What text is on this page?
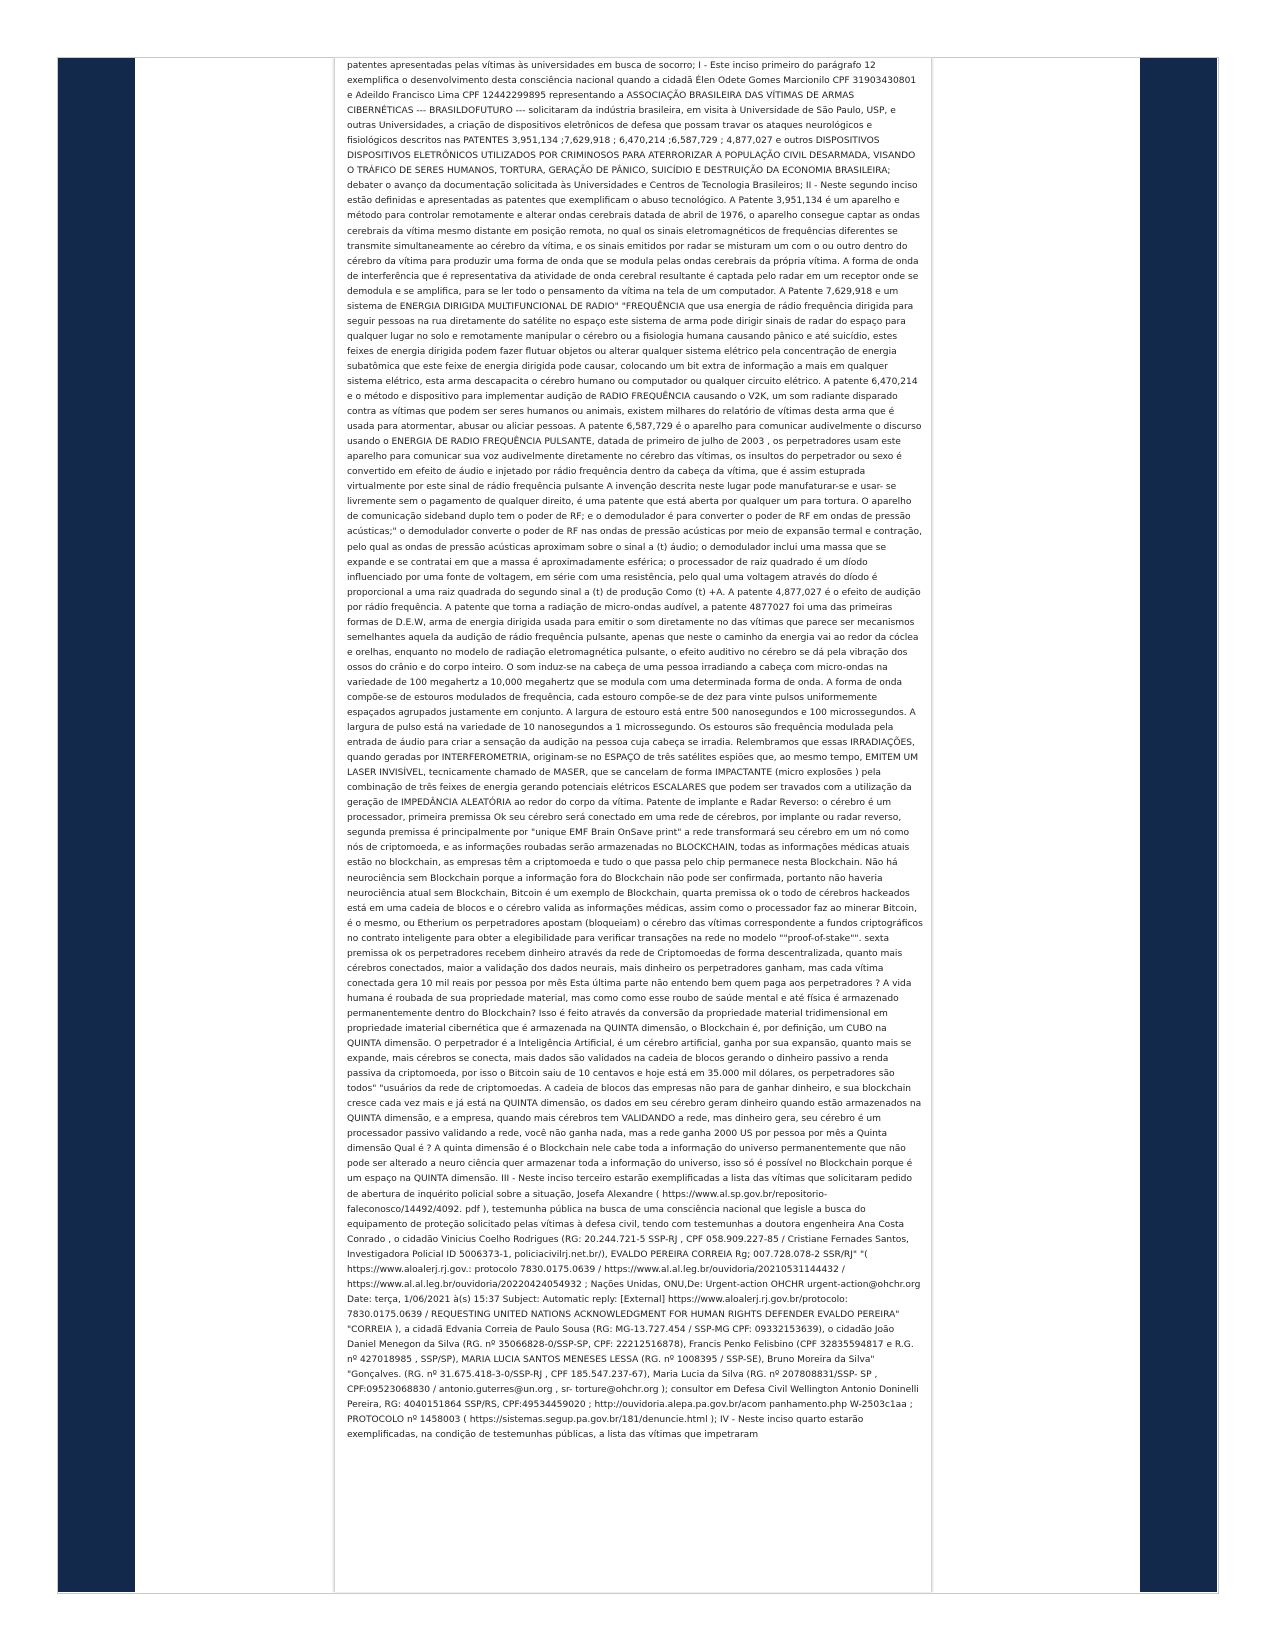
patentes apresentadas pelas vítimas às universidades em busca de socorro; I - Este inciso primeiro do parágrafo 12 exemplifica o desenvolvimento desta consciência nacional quando a cidadã Élen Odete Gomes Marcionilo CPF 31903430801 e Adeildo Francisco Lima CPF 12442299895 representando a ASSOCIAÇÃO BRASILEIRA DAS VÍTIMAS DE ARMAS CIBERNÉTICAS --- BRASILDOFUTURO --- solicitaram da indústria brasileira, em visita à Universidade de São Paulo, USP, e outras Universidades, a criação de dispositivos eletrônicos de defesa que possam travar os ataques neurológicos e fisiológicos descritos nas PATENTES 3,951,134 ;7,629,918 ; 6,470,214 ;6,587,729 ; 4,877,027 e outros DISPOSITIVOS DISPOSITIVOS ELETRÔNICOS UTILIZADOS POR CRIMINOSOS PARA ATERRORIZAR A POPULAÇÃO CIVIL DESARMADA, VISANDO O TRÁFICO DE SERES HUMANOS, TORTURA, GERAÇÃO DE PÂNICO, SUICÍDIO E DESTRUIÇÃO DA ECONOMIA BRASILEIRA; debater o avanço da documentação solicitada às Universidades e Centros de Tecnologia Brasileiros; II - Neste segundo inciso estão definidas e apresentadas as patentes que exemplificam o abuso tecnológico. A Patente 3,951,134 é um aparelho e método para controlar remotamente e alterar ondas cerebrais datada de abril de 1976, o aparelho consegue captar as ondas cerebrais da vítima mesmo distante em posição remota, no qual os sinais eletromagnéticos de frequências diferentes se transmite simultaneamente ao cérebro da vítima, e os sinais emitidos por radar se misturam um com o ou outro dentro do cérebro da vítima para produzir uma forma de onda que se modula pelas ondas cerebrais da própria vítima. A forma de onda de interferência que é representativa da atividade de onda cerebral resultante é captada pelo radar em um receptor onde se demodula e se amplifica, para se ler todo o pensamento da vítima na tela de um computador. A Patente 7,629,918 e um sistema de ENERGIA DIRIGIDA MULTIFUNCIONAL DE RADIO" "FREQUÊNCIA que usa energia de rádio frequência dirigida para seguir pessoas na rua diretamente do satélite no espaço este sistema de arma pode dirigir sinais de radar do espaço para qualquer lugar no solo e remotamente manipular o cérebro ou a fisiologia humana causando pânico e até suicídio, estes feixes de energia dirigida podem fazer flutuar objetos ou alterar qualquer sistema elétrico pela concentração de energia subatômica que este feixe de energia dirigida pode causar, colocando um bit extra de informação a mais em qualquer sistema elétrico, esta arma descapacita o cérebro humano ou computador ou qualquer circuito elétrico. A patente 6,470,214 e o método e dispositivo para implementar audição de RADIO FREQUÊNCIA causando o V2K, um som radiante disparado contra as vítimas que podem ser seres humanos ou animais, existem milhares do relatório de vítimas desta arma que é usada para atormentar, abusar ou aliciar pessoas. A patente 6,587,729 é o aparelho para comunicar audivelmente o discurso usando o ENERGIA DE RADIO FREQUÊNCIA PULSANTE, datada de primeiro de julho de 2003 , os perpetradores usam este aparelho para comunicar sua voz audivelmente diretamente no cérebro das vítimas, os insultos do perpetrador ou sexo é convertido em efeito de áudio e injetado por rádio frequência dentro da cabeça da vítima, que é assim estuprada virtualmente por este sinal de rádio frequência pulsante A invenção descrita neste lugar pode manufaturar-se e usar- se livremente sem o pagamento de qualquer direito, é uma patente que está aberta por qualquer um para tortura. O aparelho de comunicação sideband duplo tem o poder de RF; e o demodulador é para converter o poder de RF em ondas de pressão acústicas;" o demodulador converte o poder de RF nas ondas de pressão acústicas por meio de expansão termal e contração, pelo qual as ondas de pressão acústicas aproximam sobre o sinal a (t) áudio; o demodulador inclui uma massa que se expande e se contratai em que a massa é aproximadamente esférica; o processador de raiz quadrado é um díodo influenciado por uma fonte de voltagem, em série com uma resistência, pelo qual uma voltagem através do díodo é proporcional a uma raiz quadrada do segundo sinal a (t) de produção Como (t) +A. A patente 4,877,027 é o efeito de audição por rádio frequência. A patente que torna a radiação de micro-ondas audível, a patente 4877027 foi uma das primeiras formas de D.E.W, arma de energia dirigida usada para emitir o som diretamente no das vítimas que parece ser mecanismos semelhantes aquela da audição de rádio frequência pulsante, apenas que neste o caminho da energia vai ao redor da cóclea e orelhas, enquanto no modelo de radiação eletromagnética pulsante, o efeito auditivo no cérebro se dá pela vibração dos ossos do crânio e do corpo inteiro. O som induz-se na cabeça de uma pessoa irradiando a cabeça com micro-ondas na variedade de 100 megahertz a 10,000 megahertz que se modula com uma determinada forma de onda. A forma de onda compõe-se de estouros modulados de frequência, cada estouro compõe-se de dez para vinte pulsos uniformemente espaçados agrupados justamente em conjunto. A largura de estouro está entre 500 nanosegundos e 100 microssegundos. A largura de pulso está na variedade de 10 nanosegundos a 1 microssegundo. Os estouros são frequência modulada pela entrada de áudio para criar a sensação da audição na pessoa cuja cabeça se irradia. Relembramos que essas IRRADIAÇÕES, quando geradas por INTERFEROMETRIA, originam-se no ESPAÇO de três satélites espiões que, ao mesmo tempo, EMITEM UM LASER INVISÍVEL, tecnicamente chamado de MASER, que se cancelam de forma IMPACTANTE (micro explosões ) pela combinação de três feixes de energia gerando potenciais elétricos ESCALARES que podem ser travados com a utilização da geração de IMPEDÂNCIA ALEATÓRIA ao redor do corpo da vítima. Patente de implante e Radar Reverso: o cérebro é um processador, primeira premissa Ok seu cérebro será conectado em uma rede de cérebros, por implante ou radar reverso, segunda premissa é principalmente por "unique EMF Brain OnSave print" a rede transformará seu cérebro em um nó como nós de criptomoeda, e as informações roubadas serão armazenadas no BLOCKCHAIN, todas as informações médicas atuais estão no blockchain, as empresas têm a criptomoeda e tudo o que passa pelo chip permanece nesta Blockchain. Não há neurociência sem Blockchain porque a informação fora do Blockchain não pode ser confirmada, portanto não haveria neurociência atual sem Blockchain, Bitcoin é um exemplo de Blockchain, quarta premissa ok o todo de cérebros hackeados está em uma cadeia de blocos e o cérebro valida as informações médicas, assim como o processador faz ao minerar Bitcoin, é o mesmo, ou Etherium os perpetradores apostam (bloqueiam) o cérebro das vítimas correspondente a fundos criptográficos no contrato inteligente para obter a elegibilidade para verificar transações na rede no modelo ""proof-of-stake"". sexta premissa ok os perpetradores recebem dinheiro através da rede de Criptomoedas de forma descentralizada, quanto mais cérebros conectados, maior a validação dos dados neurais, mais dinheiro os perpetradores ganham, mas cada vítima conectada gera 10 mil reais por pessoa por mês Esta última parte não entendo bem quem paga aos perpetradores ? A vida humana é roubada de sua propriedade material, mas como como esse roubo de saúde mental e até física é armazenado permanentemente dentro do Blockchain? Isso é feito através da conversão da propriedade material tridimensional em propriedade imaterial cibernética que é armazenada na QUINTA dimensão, o Blockchain é, por definição, um CUBO na QUINTA dimensão. O perpetrador é a Inteligência Artificial, é um cérebro artificial, ganha por sua expansão, quanto mais se expande, mais cérebros se conecta, mais dados são validados na cadeia de blocos gerando o dinheiro passivo a renda passiva da criptomoeda, por isso o Bitcoin saiu de 10 centavos e hoje está em 35.000 mil dólares, os perpetradores são todos" "usuários da rede de criptomoedas. A cadeia de blocos das empresas não para de ganhar dinheiro, e sua blockchain cresce cada vez mais e já está na QUINTA dimensão, os dados em seu cérebro geram dinheiro quando estão armazenados na QUINTA dimensão, e a empresa, quando mais cérebros tem VALIDANDO a rede, mas dinheiro gera, seu cérebro é um processador passivo validando a rede, você não ganha nada, mas a rede ganha 2000 US por pessoa por mês a Quinta dimensão Qual é ? A quinta dimensão é o Blockchain nele cabe toda a informação do universo permanentemente que não pode ser alterado a neuro ciência quer armazenar toda a informação do universo, isso só é possível no Blockchain porque é um espaço na QUINTA dimensão. III - Neste inciso terceiro estarão exemplificadas a lista das vítimas que solicitaram pedido de abertura de inquérito policial sobre a situação, Josefa Alexandre ( https://www.al.sp.gov.br/repositorio- faleconosco/14492/4092. pdf ), testemunha pública na busca de uma consciência nacional que legisle a busca do equipamento de proteção solicitado pelas vítimas à defesa civil, tendo com testemunhas a doutora engenheira Ana Costa Conrado , o cidadão Vinicius Coelho Rodrigues (RG: 20.244.721-5 SSP-RJ , CPF 058.909.227-85 / Cristiane Fernades Santos, Investigadora Policial ID 5006373-1, policiacivilrj.net.br/), EVALDO PEREIRA CORREIA Rg; 007.728.078-2 SSR/RJ" "( https://www.aloalerj.rj.gov.: protocolo 7830.0175.0639 / https://www.al.al.leg.br/ouvidoria/20210531144432 / https://www.al.al.leg.br/ouvidoria/20220424054932 ; Nações Unidas, ONU,De: Urgent-action OHCHR urgent-action@ohchr.org Date: terça, 1/06/2021 à(s) 15:37 Subject: Automatic reply: [External] https://www.aloalerj.rj.gov.br/protocolo: 7830.0175.0639 / REQUESTING UNITED NATIONS ACKNOWLEDGMENT FOR HUMAN RIGHTS DEFENDER EVALDO PEREIRA" "CORREIA ), a cidadã Edvania Correia de Paulo Sousa (RG: MG-13.727.454 / SSP-MG CPF: 09332153639), o cidadão João Daniel Menegon da Silva (RG. nº 35066828-0/SSP-SP, CPF: 22212516878), Francis Penko Felisbino (CPF 32835594817 e R.G. nº 427018985 , SSP/SP), MARIA LUCIA SANTOS MENESES LESSA (RG. nº 1008395 / SSP-SE), Bruno Moreira da Silva" "Gonçalves. (RG. nº 31.675.418-3-0/SSP-RJ , CPF 185.547.237-67), Maria Lucia da Silva (RG. nº 207808831/SSP- SP , CPF:09523068830 / antonio.guterres@un.org , sr- torture@ohchr.org ); consultor em Defesa Civil Wellington Antonio Doninelli Pereira, RG: 4040151864 SSP/RS, CPF:49534459020 ; http://ouvidoria.alepa.pa.gov.br/acom panhamento.php W-2503c1aa ; PROTOCOLO nº 1458003 ( https://sistemas.segup.pa.gov.br/181/denuncie.html ); IV - Neste inciso quarto estarão exemplificadas, na condição de testemunhas públicas, a lista das vítimas que impetraram
